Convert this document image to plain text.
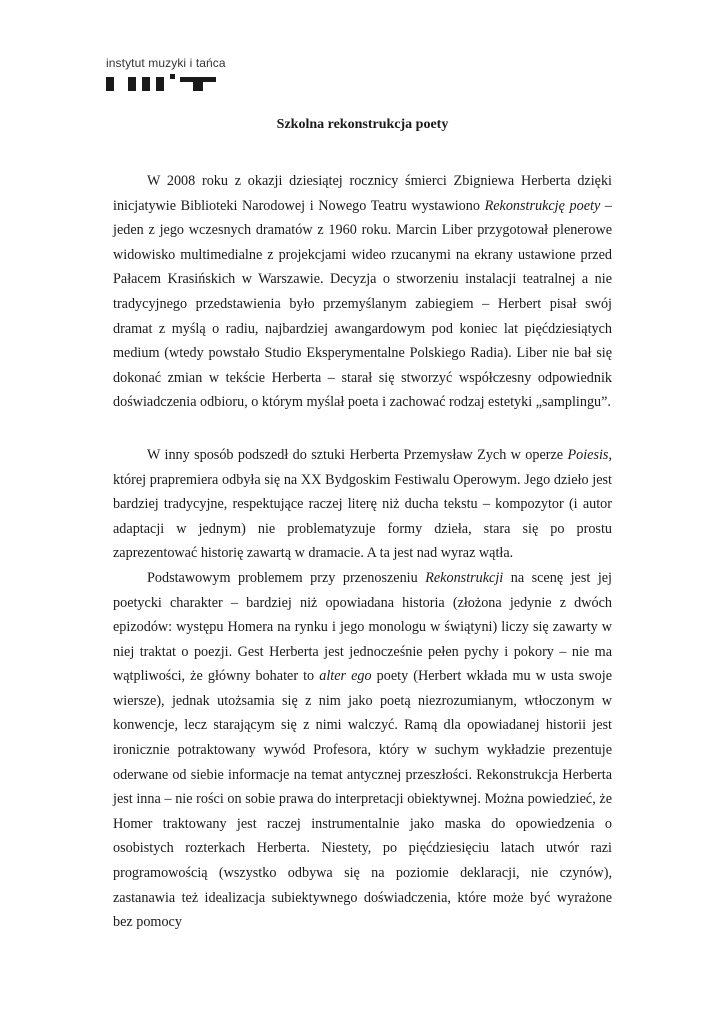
instytut muzyki i tańca
Szkolna rekonstrukcja poety

W 2008 roku z okazji dziesiątej rocznicy śmierci Zbigniewa Herberta dzięki inicjatywie Biblioteki Narodowej i Nowego Teatru wystawiono Rekonstrukcję poety – jeden z jego wczesnych dramatów z 1960 roku. Marcin Liber przygotował plenerowe widowisko multimedialne z projekcjami wideo rzucanymi na ekrany ustawione przed Pałacem Krasińskich w Warszawie. Decyzja o stworzeniu instalacji teatralnej a nie tradycyjnego przedstawienia było przemyślanym zabiegiem – Herbert pisał swój dramat z myślą o radiu, najbardziej awangardowym pod koniec lat pięćdziesiątych medium (wtedy powstało Studio Eksperymentalne Polskiego Radia). Liber nie bał się dokonać zmian w tekście Herberta – starał się stworzyć współczesny odpowiednik doświadczenia odbioru, o którym myślał poeta i zachować rodzaj estetyki „samplingu”.

W inny sposób podszedł do sztuki Herberta Przemysław Zych w operze Poiesis, której prapremiera odbyła się na XX Bydgoskim Festiwalu Operowym. Jego dzieło jest bardziej tradycyjne, respektujące raczej literę niż ducha tekstu – kompozytor (i autor adaptacji w jednym) nie problematyzuje formy dzieła, stara się po prostu zaprezentować historię zawartą w dramacie. A ta jest nad wyraz wątła.

Podstawowym problemem przy przenoszeniu Rekonstrukcji na scenę jest jej poetycki charakter – bardziej niż opowiadana historia (złożona jedynie z dwóch epizodów: występu Homera na rynku i jego monologu w świątyni) liczy się zawarty w niej traktat o poezji. Gest Herberta jest jednocześnie pełen pychy i pokory – nie ma wątpliwości, że główny bohater to alter ego poety (Herbert wkłada mu w usta swoje wiersze), jednak utożsamia się z nim jako poetą niezrozumianym, wtłoczonym w konwencje, lecz starającym się z nimi walczyć. Ramą dla opowiadanej historii jest ironicznie potraktowany wywód Profesora, który w suchym wykładzie prezentuje oderwane od siebie informacje na temat antycznej przeszłości. Rekonstrukcja Herberta jest inna – nie rości on sobie prawa do interpretacji obiektywnej. Można powiedzieć, że Homer traktowany jest raczej instrumentalnie jako maska do opowiedzenia o osobistych rozterkach Herberta. Niestety, po pięćdziesięciu latach utwór razi programowością (wszystko odbywa się na poziomie deklaracji, nie czynów), zastanawia też idealizacja subiektywnego doświadczenia, które może być wyrażone bez pomocy
